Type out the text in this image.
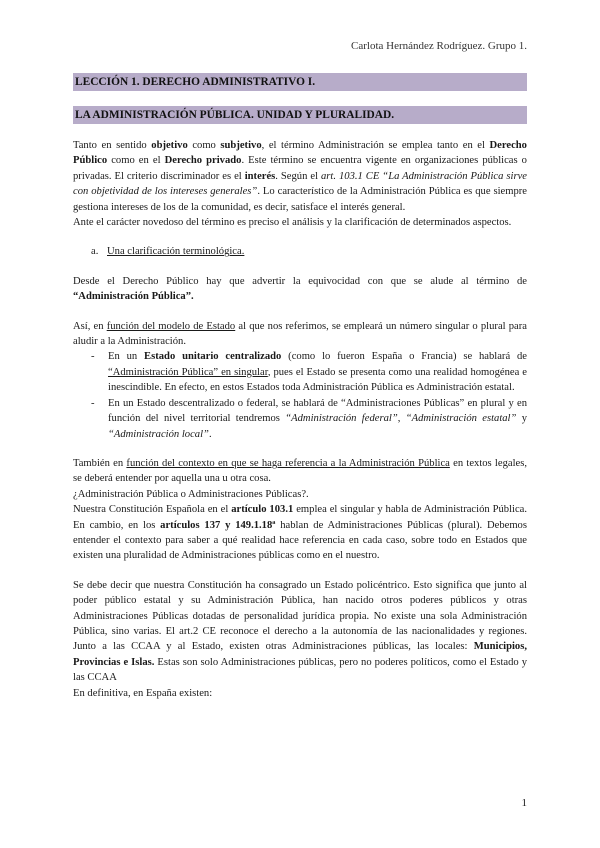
Carlota Hernández Rodríguez. Grupo 1.
LECCIÓN 1. DERECHO ADMINISTRATIVO I.
LA ADMINISTRACIÓN PÚBLICA. UNIDAD Y PLURALIDAD.

Tanto en sentido objetivo como subjetivo, el término Administración se emplea tanto en el Derecho Público como en el Derecho privado. Este término se encuentra vigente en organizaciones públicas o privadas. El criterio discriminador es el interés. Según el art. 103.1 CE “La Administración Pública sirve con objetividad de los intereses generales”. Lo característico de la Administración Pública es que siempre gestiona intereses de los de la comunidad, es decir, satisface el interés general.

Ante el carácter novedoso del término es preciso el análisis y la clarificación de determinados aspectos.

a. Una clarificación terminológica.

Desde el Derecho Público hay que advertir la equivocidad con que se alude al término de “Administración Pública”.

Así, en función del modelo de Estado al que nos referimos, se empleará un número singular o plural para aludir a la Administración.

- En un Estado unitario centralizado (como lo fueron España o Francia) se hablará de “Administración Pública” en singular, pues el Estado se presenta como una realidad homogénea e inescindible. En efecto, en estos Estados toda Administración Pública es Administración estatal.
- En un Estado descentralizado o federal, se hablará de “Administraciones Públicas” en plural y en función del nivel territorial tendremos “Administración federal”, “Administración estatal” y “Administración local”.

También en función del contexto en que se haga referencia a la Administración Pública en textos legales, se deberá entender por aquella una u otra cosa.

¿Administración Pública o Administraciones Públicas?.

Nuestra Constitución Española en el artículo 103.1 emplea el singular y habla de Administración Pública. En cambio, en los artículos 137 y 149.1.18ª hablan de Administraciones Públicas (plural). Debemos entender el contexto para saber a qué realidad hace referencia en cada caso, sobre todo en Estados que existen una pluralidad de Administraciones públicas como en el nuestro.

Se debe decir que nuestra Constitución ha consagrado un Estado policéntrico. Esto significa que junto al poder público estatal y su Administración Pública, han nacido otros poderes públicos y otras Administraciones Públicas dotadas de personalidad jurídica propia. No existe una sola Administración Pública, sino varias. El art.2 CE reconoce el derecho a la autonomía de las nacionalidades y regiones. Junto a las CCAA y al Estado, existen otras Administraciones públicas, las locales: Municipios, Provincias e Islas. Estas son solo Administraciones públicas, pero no poderes políticos, como el Estado y las CCAA

En definitiva, en España existen:

1
